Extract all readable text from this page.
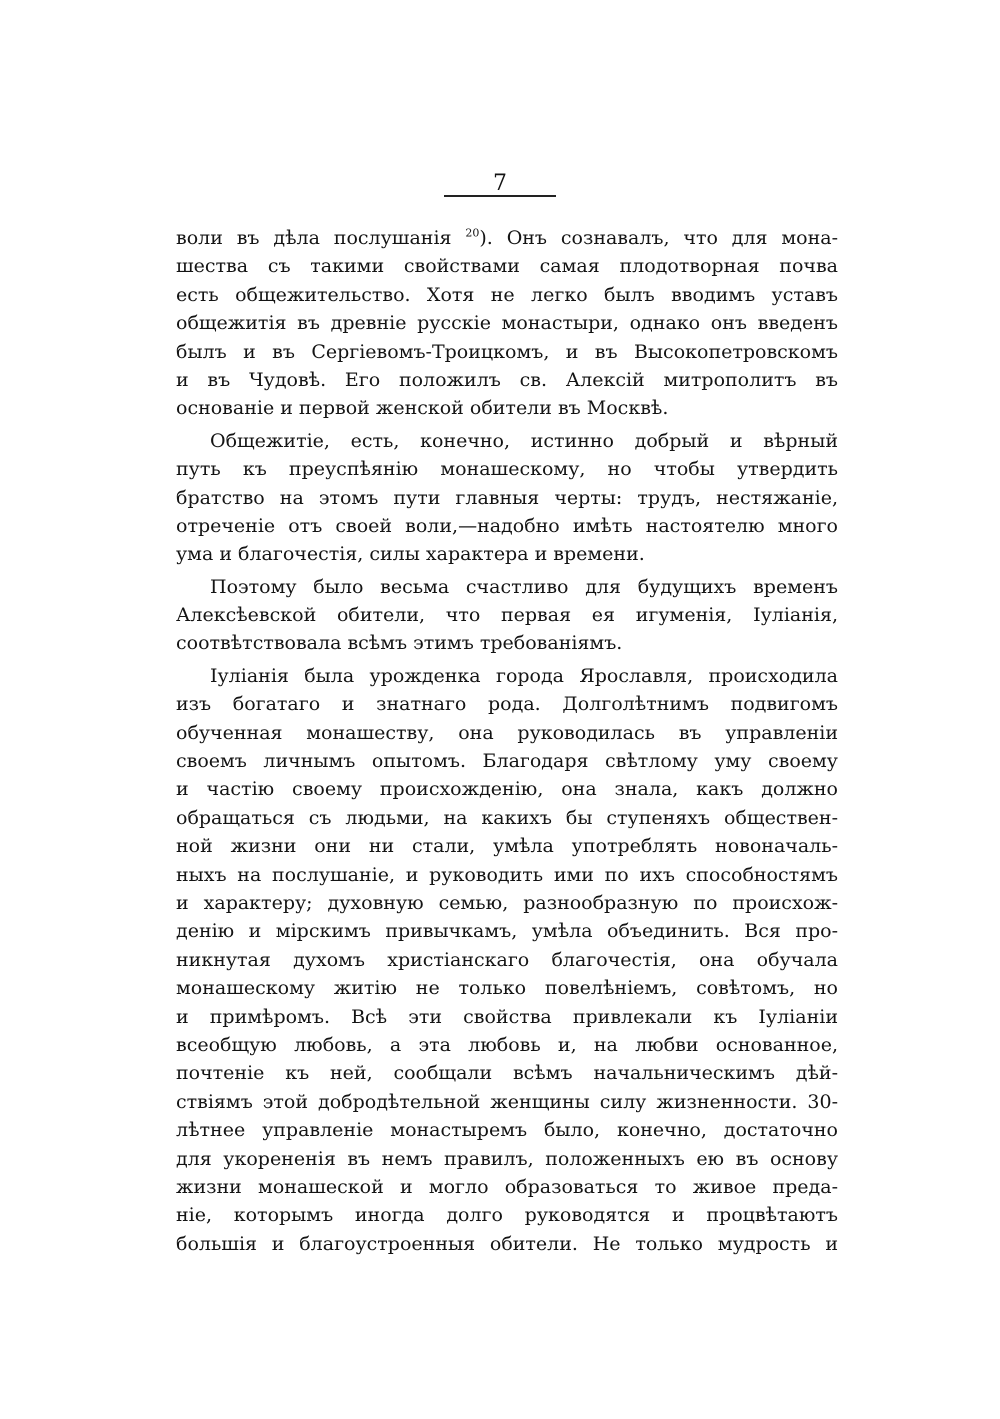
7
воли въ дѣла послушанія $^{20}$). Онъ сознавалъ, что для мона-
шества съ такими свойствами самая плодотворная почва
есть общежительство. Хотя не легко былъ вводимъ уставъ
общежитія въ древніе русскіе монастыри, однако онъ введенъ
былъ и въ Сергіевомъ-Троицкомъ, и въ Высокопетровскомъ
и въ Чудовѣ. Его положилъ св. Алексій митрополитъ въ
основаніе и первой женской обители въ Москвѣ.
Общежитіе, есть, конечно, истинно добрый и вѣрный
путь къ преуспѣянію монашескому, но чтобы утвердить
братство на этомъ пути главныя черты: трудъ, нестяжаніе,
отреченіе отъ своей воли,—надобно имѣть настоятелю много
ума и благочестія, силы характера и времени.
Поэтому было весьма счастливо для будущихъ временъ
Алексѣевской обители, что первая ея игуменія, Іуліанія,
соотвѣтствовала всѣмъ этимъ требованіямъ.
Іуліанія была урожденка города Ярославля, происходила
изъ богатаго и знатнаго рода. Долголѣтнимъ подвигомъ
обученная монашеству, она руководилась въ управленіи
своемъ личнымъ опытомъ. Благодаря свѣтлому уму своему
и частію своему происхожденію, она знала, какъ должно
обращаться съ людьми, на какихъ бы ступеняхъ обществен-
ной жизни они ни стали, умѣла употреблять новоначаль-
ныхъ на послушаніе, и руководить ими по ихъ способностямъ
и характеру; духовную семью, разнообразную по происхож-
денію и мірскимъ привычкамъ, умѣла объединить. Вся про-
никнутая духомъ христіанскаго благочестія, она обучала
монашескому житію не только повелѣніемъ, совѣтомъ, но
и примѣромъ. Всѣ эти свойства привлекали къ Іуліаніи
всеобщую любовь, а эта любовь и, на любви основанное,
почтеніе къ ней, сообщали всѣмъ начальническимъ дѣй-
ствіямъ этой добродѣтельной женщины силу жизненности. 30-
лѣтнее управленіе монастыремъ было, конечно, достаточно
для укорененія въ немъ правилъ, положенныхъ ею въ основу
жизни монашеской и могло образоваться то живое преда-
ніе, которымъ иногда долго руководятся и процвѣтаютъ
большія и благоустроенныя обители. Не только мудрость и
